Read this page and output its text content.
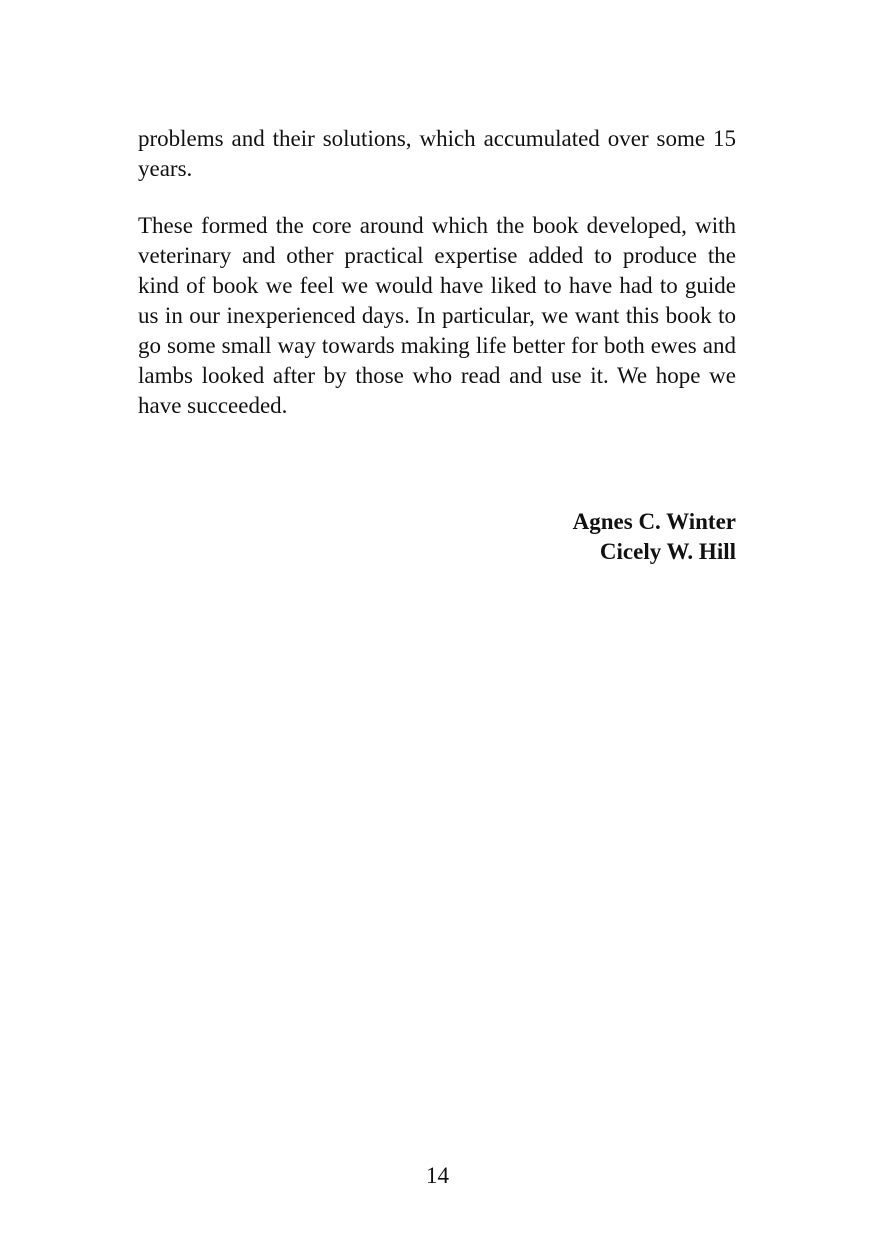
problems and their solutions, which accumulated over some 15 years.

These formed the core around which the book developed, with veterinary and other practical expertise added to produce the kind of book we feel we would have liked to have had to guide us in our inexperienced days. In particular, we want this book to go some small way towards making life better for both ewes and lambs looked after by those who read and use it. We hope we have succeeded.

Agnes C. Winter
Cicely W. Hill
14
